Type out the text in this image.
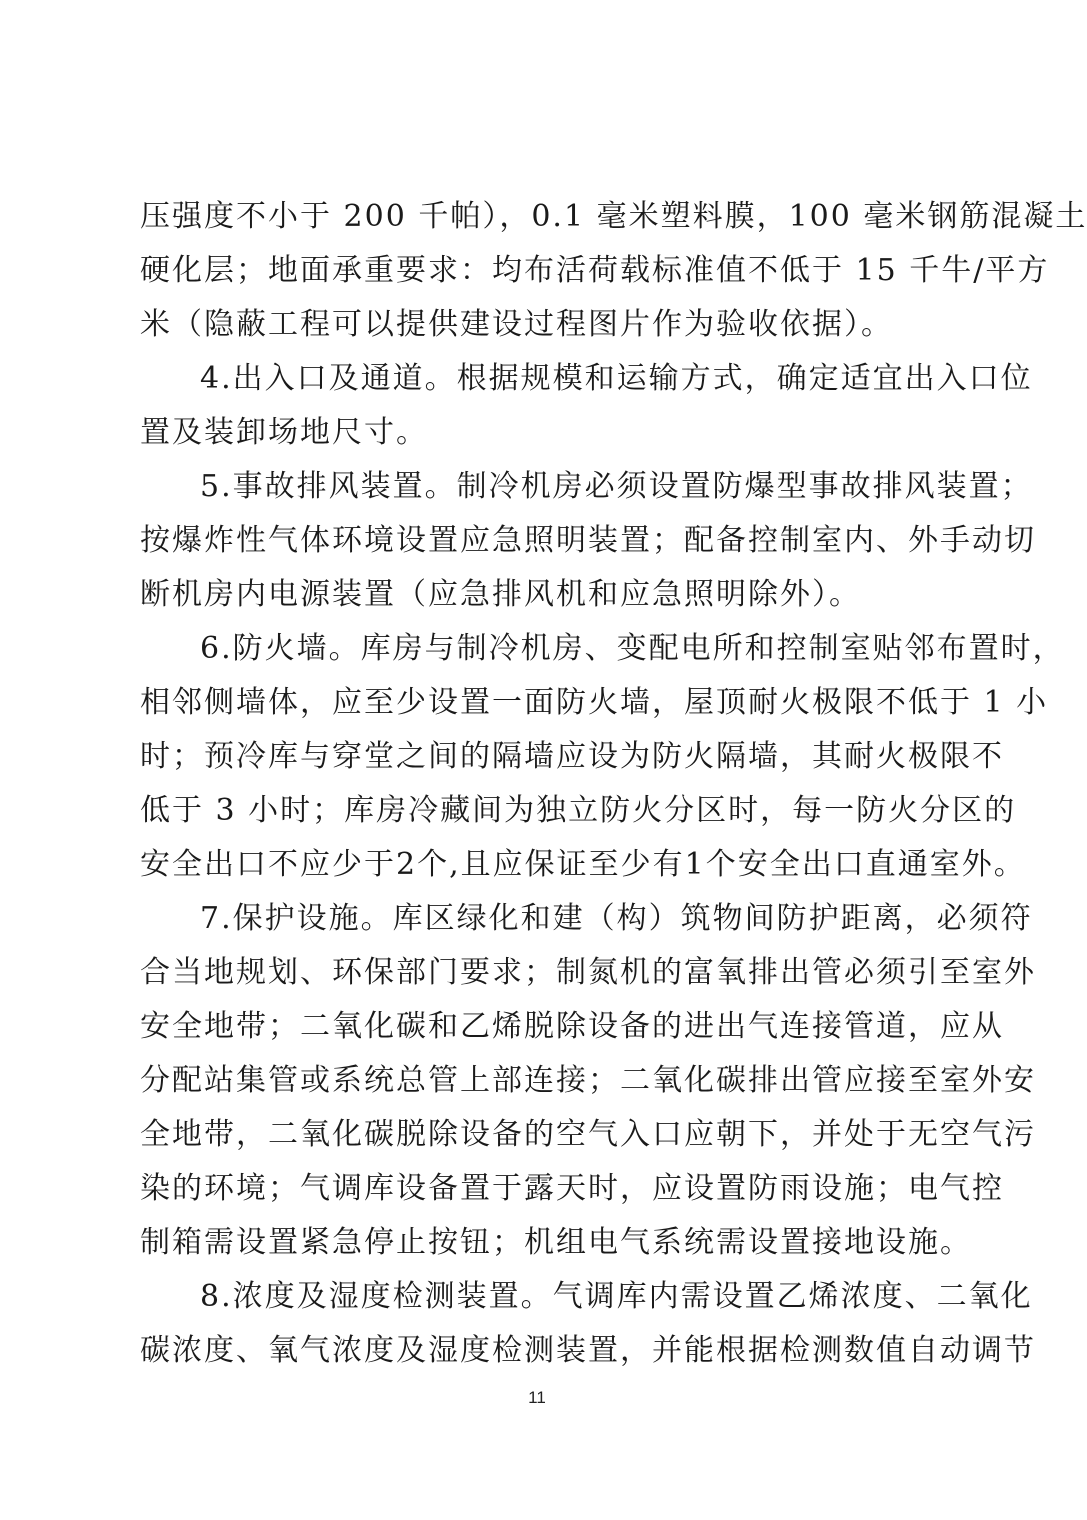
压强度不小于 200 千帕），0.1 毫米塑料膜，100 毫米钢筋混凝土
硬化层；地面承重要求：均布活荷载标准值不低于 15 千牛/平方
米（隐蔽工程可以提供建设过程图片作为验收依据）。
4.出入口及通道。根据规模和运输方式，确定适宜出入口位
置及装卸场地尺寸。
5.事故排风装置。制冷机房必须设置防爆型事故排风装置；
按爆炸性气体环境设置应急照明装置；配备控制室内、外手动切
断机房内电源装置（应急排风机和应急照明除外）。
6.防火墙。库房与制冷机房、变配电所和控制室贴邻布置时，
相邻侧墙体，应至少设置一面防火墙，屋顶耐火极限不低于 1 小
时；预冷库与穿堂之间的隔墙应设为防火隔墙，其耐火极限不
低于 3 小时；库房冷藏间为独立防火分区时，每一防火分区的
安全出口不应少于2个,且应保证至少有1个安全出口直通室外。
7.保护设施。库区绿化和建（构）筑物间防护距离，必须符
合当地规划、环保部门要求；制氮机的富氧排出管必须引至室外
安全地带；二氧化碳和乙烯脱除设备的进出气连接管道，应从
分配站集管或系统总管上部连接；二氧化碳排出管应接至室外安
全地带，二氧化碳脱除设备的空气入口应朝下，并处于无空气污
染的环境；气调库设备置于露天时，应设置防雨设施；电气控
制箱需设置紧急停止按钮；机组电气系统需设置接地设施。
8.浓度及湿度检测装置。气调库内需设置乙烯浓度、二氧化
碳浓度、氧气浓度及湿度检测装置，并能根据检测数值自动调节
11
